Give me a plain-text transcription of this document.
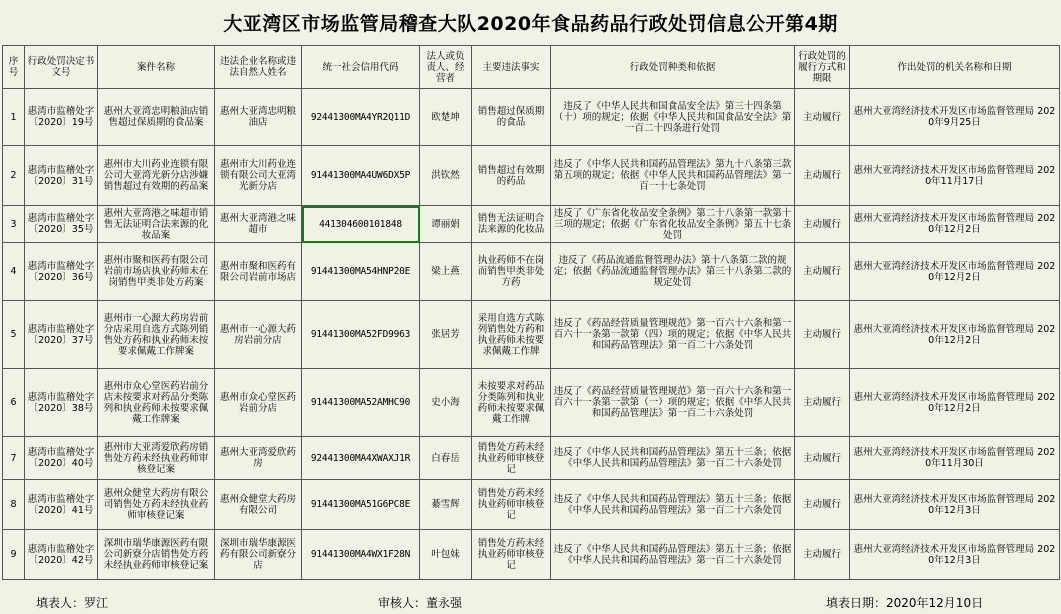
大亚湾区市场监管局稽查大队2020年食品药品行政处罚信息公开第4期
序号	行政处罚决定书文号	案件名称	违法企业名称或违法自然人姓名	统一社会信用代码	法人或负责人、经营者	主要违法事实	行政处罚种类和依据	行政处罚的履行方式和期限	作出处罚的机关名称和日期
1	惠湾市监稽处字〔2020〕19号	惠州大亚湾忠明粮油店销售超过保质期的食品案	惠州大亚湾忠明粮油店	92441300MA4YR2Q11D	欧楚坤	销售超过保质期的食品	违反了《中华人民共和国食品安全法》第三十四条第（十）项的规定；依据《中华人民共和国食品安全法》第一百二十四条进行处罚	主动履行	惠州大亚湾经济技术开发区市场监督管理局 2020年9月25日
2	惠湾市监稽处字〔2020〕31号	惠州市大川药业连锁有限公司大亚湾光新分店涉嫌销售超过有效期的药品案	惠州市大川药业连锁有限公司大亚湾光新分店	91441300MA4UW6DX5P	洪钦然	销售超过有效期的药品	违反了《中华人民共和国药品管理法》第九十八条第三款第五项的规定；依据《中华人民共和国药品管理法》第一百一十七条处罚	主动履行	惠州大亚湾经济技术开发区市场监督管理局 2020年11月17日
3	惠湾市监稽处字〔2020〕35号	惠州大亚湾港之味超市销售无法证明合法来源的化妆品案	惠州大亚湾港之味超市	441304600101848	谭丽娟	销售无法证明合法来源的化妆品	违反了《广东省化妆品安全条例》第二十八条第一款第十三项的规定；依据《广东省化妆品安全条例》第五十七条处罚	主动履行	惠州大亚湾经济技术开发区市场监督管理局 2020年12月2日
4	惠湾市监稽处字〔2020〕36号	惠州市聚和医药有限公司岩前市场店执业药师未在岗销售甲类非处方药案	惠州市聚和医药有限公司岩前市场店	91441300MA54HNP20E	梁上燕	执业药师不在岗而销售甲类非处方药	违反了《药品流通监督管理办法》第十八条第二款的规定；依据《药品流通监督管理办法》第三十八条第二款的规定处罚	主动履行	惠州大亚湾经济技术开发区市场监督管理局 2020年12月2日
5	惠湾市监稽处字〔2020〕37号	惠州市一心源大药房岩前分店采用自选方式陈列销售处方药和执业药师未按要求佩戴工作牌案	惠州市一心源大药房岩前分店	91441300MA52FD9963	张居芳	采用自选方式陈列销售处方药和执业药师未按要求佩戴工作牌	违反了《药品经营质量管理规范》第一百六十六条和第一百六十一条第一款第（四）项的规定；依据《中华人民共和国药品管理法》第一百二十六条处罚	主动履行	惠州大亚湾经济技术开发区市场监督管理局 2020年12月2日
6	惠湾市监稽处字〔2020〕38号	惠州市众心堂医药岩前分店未按要求对药品分类陈列和执业药师未按要求佩戴工作牌案	惠州市众心堂医药岩前分店	91441300MA52AMHC90	史小海	未按要求对药品分类陈列和执业药师未按要求佩戴工作牌	违反了《药品经营质量管理规范》第一百六十六条和第一百六十一条第一款第（一）项的规定；依据《中华人民共和国药品管理法》第一百二十六条处罚	主动履行	惠州大亚湾经济技术开发区市场监督管理局 2020年12月2日
7	惠湾市监稽处字〔2020〕40号	惠州市大亚湾爱欣药房销售处方药未经执业药师审核登记案	惠州大亚湾爱欣药房	92441300MA4XWAXJ1R	白春岳	销售处方药未经执业药师审核登记	违反了《中华人民共和国药品管理法》第五十三条；依据《中华人民共和国药品管理法》第一百二十六条处罚	主动履行	惠州大亚湾经济技术开发区市场监督管理局 2020年11月30日
8	惠湾市监稽处字〔2020〕41号	惠州众健堂大药房有限公司销售处方药未经执业药师审核登记案	惠州众健堂大药房有限公司	91441300MA51G6PC8E	綦雪辉	销售处方药未经执业药师审核登记	违反了《中华人民共和国药品管理法》第五十三条；依据《中华人民共和国药品管理法》第一百二十六条处罚	主动履行	惠州大亚湾经济技术开发区市场监督管理局 2020年12月3日
9	惠湾市监稽处字〔2020〕42号	深圳市瑞华康源医药有限公司新寮分店销售处方药未经执业药师审核登记案	深圳市瑞华康源医药有限公司新寮分店	91441300MA4WX1F28N	叶包妹	销售处方药未经执业药师审核登记	违反了《中华人民共和国药品管理法》第五十三条；依据《中华人民共和国药品管理法》第一百二十六条处罚	主动履行	惠州大亚湾经济技术开发区市场监督管理局 2020年12月3日
填表人：罗江	审核人：董永强	填表日期：2020年12月10日
